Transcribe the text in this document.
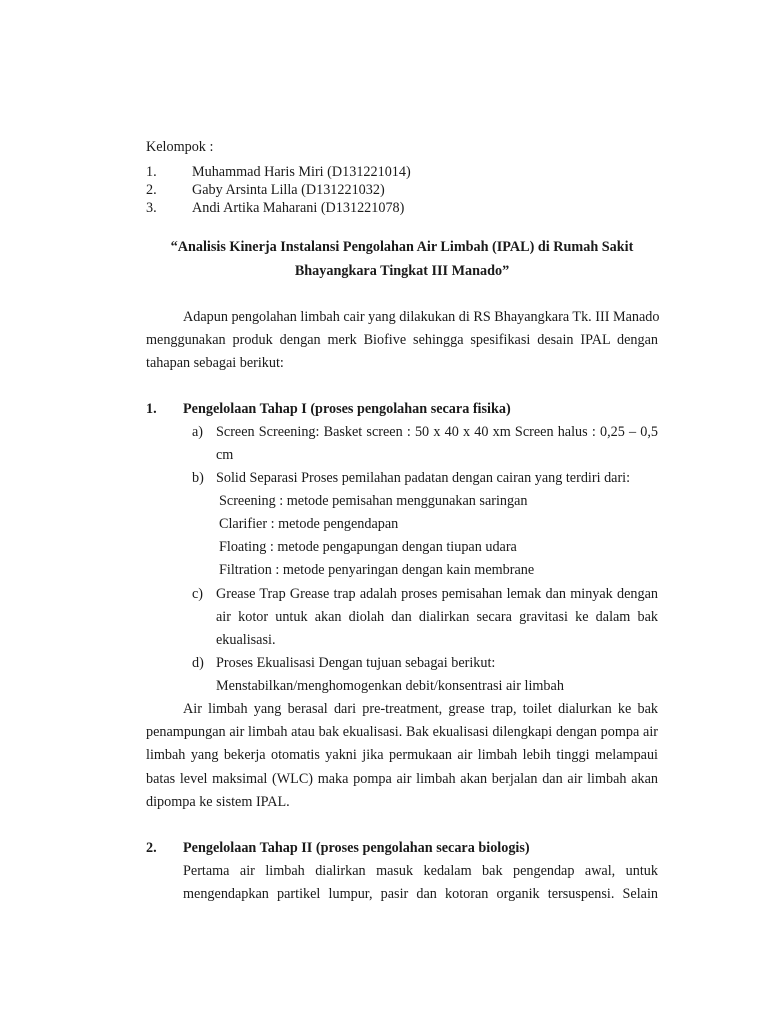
Kelompok :
1. Muhammad Haris Miri (D131221014)
2. Gaby Arsinta Lilla (D131221032)
3. Andi Artika Maharani (D131221078)
“Analisis Kinerja Instalansi Pengolahan Air Limbah (IPAL) di Rumah Sakit
Bhayangkara Tingkat III Manado”
Adapun pengolahan limbah cair yang dilakukan di RS Bhayangkara Tk. III Manado
menggunakan produk dengan merk Biofive sehingga spesifikasi desain IPAL dengan
tahapan sebagai berikut:
1. Pengelolaan Tahap I (proses pengolahan secara fisika)
a) Screen Screening: Basket screen : 50 x 40 x 40 xm Screen halus : 0,25 – 0,5
cm
b) Solid Separasi Proses pemilahan padatan dengan cairan yang terdiri dari:
Screening : metode pemisahan menggunakan saringan
Clarifier : metode pengendapan
Floating : metode pengapungan dengan tiupan udara
Filtration : metode penyaringan dengan kain membrane
c) Grease Trap Grease trap adalah proses pemisahan lemak dan minyak dengan
air kotor untuk akan diolah dan dialirkan secara gravitasi ke dalam bak
ekualisasi.
d) Proses Ekualisasi Dengan tujuan sebagai berikut:
Menstabilkan/menghomogenkan debit/konsentrasi air limbah
Air limbah yang berasal dari pre-treatment, grease trap, toilet dialurkan ke bak
penampungan air limbah atau bak ekualisasi. Bak ekualisasi dilengkapi dengan pompa air
limbah yang bekerja otomatis yakni jika permukaan air limbah lebih tinggi melampaui
batas level maksimal (WLC) maka pompa air limbah akan berjalan dan air limbah akan
dipompa ke sistem IPAL.
2. Pengelolaan Tahap II (proses pengolahan secara biologis)
Pertama air limbah dialirkan masuk kedalam bak pengendap awal, untuk
mengendapkan partikel lumpur, pasir dan kotoran organik tersuspensi. Selain
